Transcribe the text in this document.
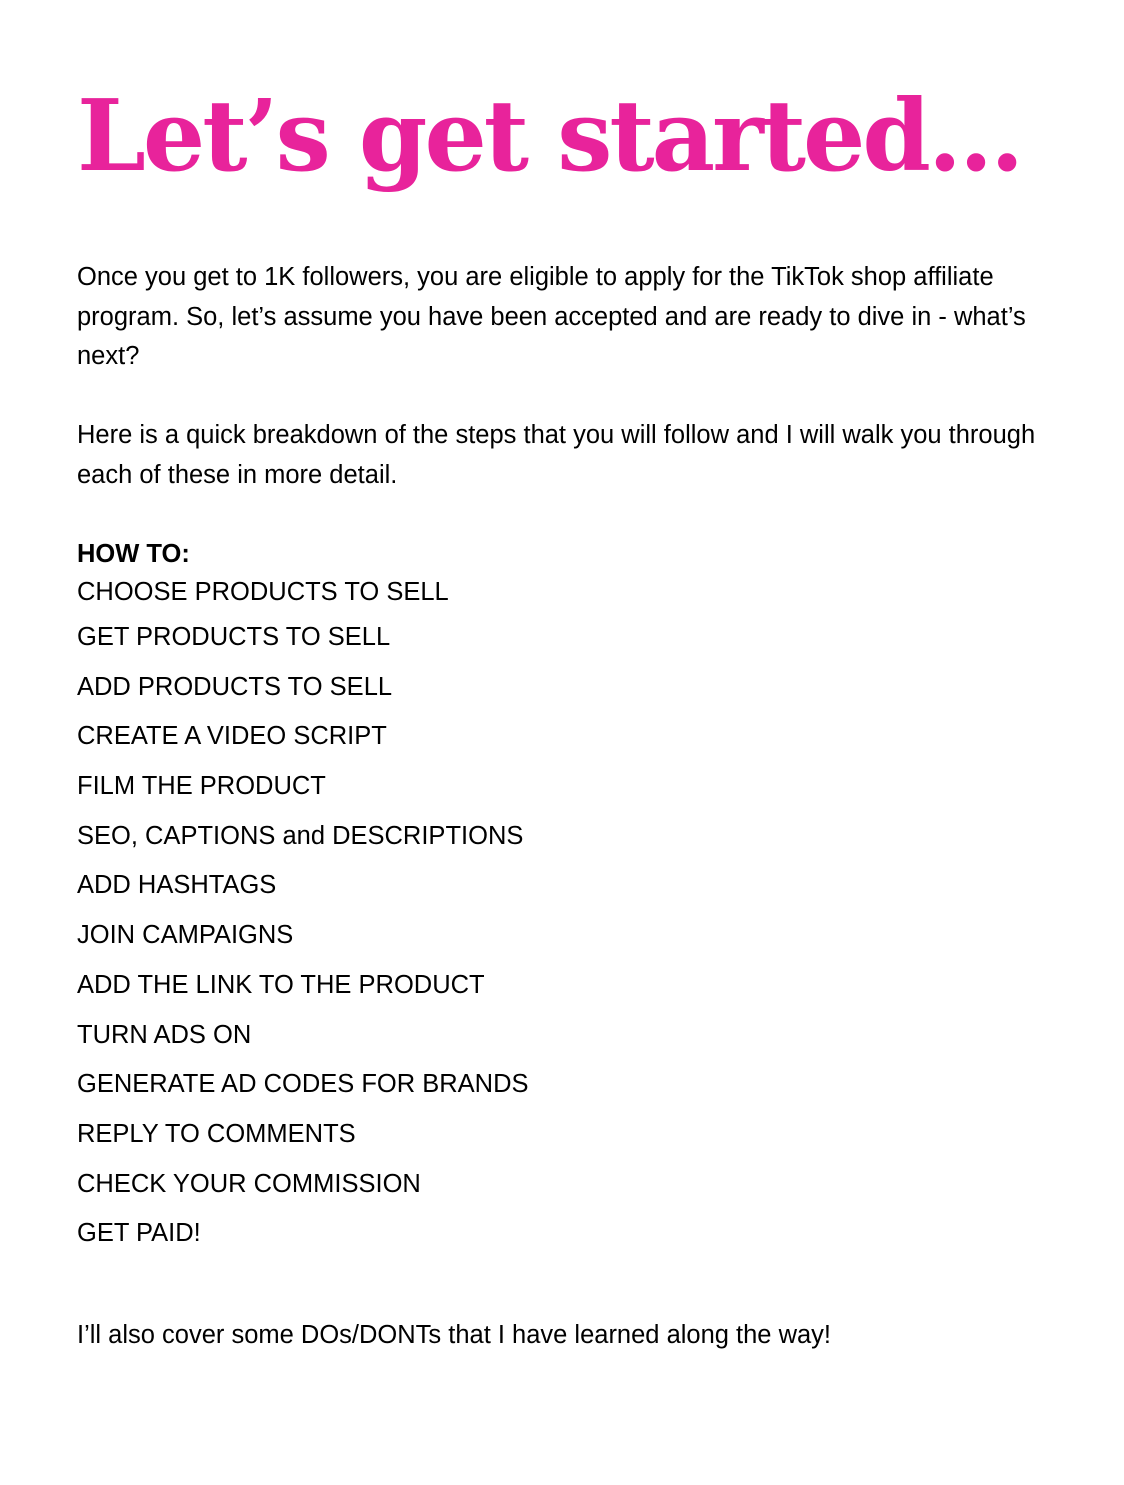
Let’s get started...

Once you get to 1K followers, you are eligible to apply for the TikTok shop affiliate program. So, let’s assume you have been accepted and are ready to dive in - what’s next?

Here is a quick breakdown of the steps that you will follow and I will walk you through each of these in more detail.

HOW TO:
CHOOSE PRODUCTS TO SELL
GET PRODUCTS TO SELL
ADD PRODUCTS TO SELL
CREATE A VIDEO SCRIPT
FILM THE PRODUCT
SEO, CAPTIONS and DESCRIPTIONS
ADD HASHTAGS
JOIN CAMPAIGNS
ADD THE LINK TO THE PRODUCT
TURN ADS ON
GENERATE AD CODES FOR BRANDS
REPLY TO COMMENTS
CHECK YOUR COMMISSION
GET PAID!

I’ll also cover some DOs/DONTs that I have learned along the way!
